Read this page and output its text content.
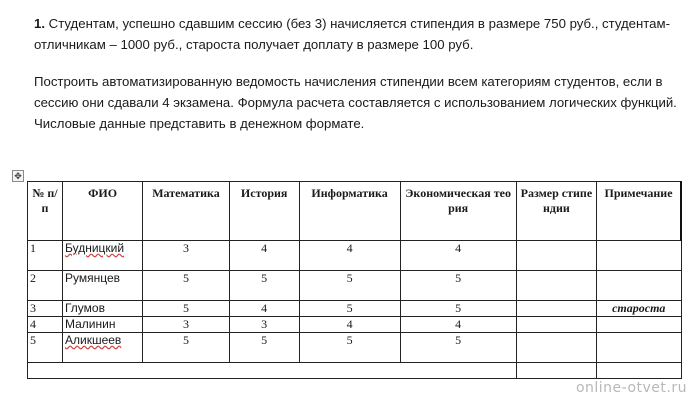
1. Студентам, успешно сдавшим сессию (без 3) начисляется стипендия в размере 750 руб., студентам-отличникам – 1000 руб., староста получает доплату в размере 100 руб.

Построить автоматизированную ведомость начисления стипендии всем категориям студентов, если в сессию они сдавали 4 экзамена. Формула расчета составляется с использованием логических функций. Числовые данные представить в денежном формате.

✥
№ п/п	ФИО	Математика	История	Информатика	Экономическая теория	Размер стипендии	Примечание
1	Будницкий	3	4	4	4		
2	Румянцев	5	5	5	5		
3	Глумов	5	4	5	5		староста
4	Малинин	3	3	4	4		
5	Аликшеев	5	5	5	5		

online-otvet.ru
